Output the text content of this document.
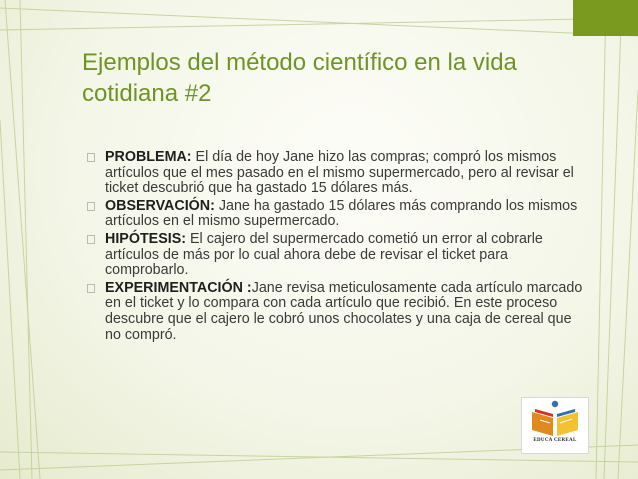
Ejemplos del método científico en la vida cotidiana #2
PROBLEMA: El día de hoy Jane hizo las compras; compró los mismos artículos que el mes pasado en el mismo supermercado, pero al revisar el ticket descubrió que ha gastado 15 dólares más.
OBSERVACIÓN: Jane ha gastado 15 dólares más comprando los mismos artículos en el mismo supermercado.
HIPÓTESIS: El cajero del supermercado cometió un error al cobrarle artículos de más por lo cual ahora debe de revisar el ticket para comprobarlo.
EXPERIMENTACIÓN :Jane revisa meticulosamente cada artículo marcado en el ticket y lo compara con cada artículo que recibió. En este proceso descubre que el cajero le cobró unos chocolates y una caja de cereal que no compró.
EDUCA CEREAL
